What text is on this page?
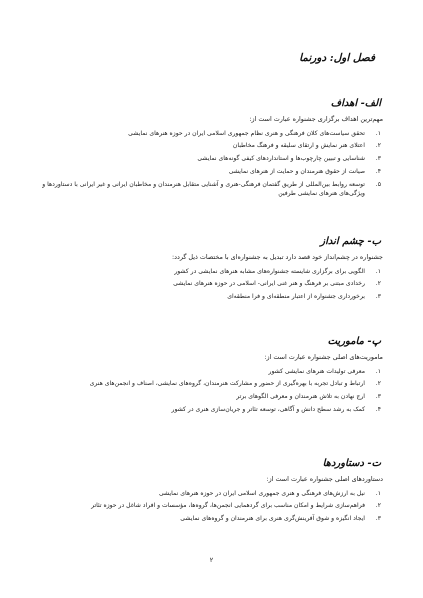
فصل اول: دورنما
الف- اهداف
مهم‌ترین اهداف برگزاری جشنواره عبارت است از:
۱.
تحقق سیاست‌های کلان فرهنگی و هنری نظام جمهوری اسلامی ایران در حوزه هنرهای نمایشی
۲.
اعتلای هنر نمایش و ارتقای سلیقه و فرهنگ مخاطبان
۳.
شناسایی و تبیین چارچوب‌ها و استانداردهای کیفی گونه‌های نمایشی
۴.
صیانت از حقوق هنرمندان و حمایت از هنرهای نمایشی
۵.
توسعه روابط بین‌المللی از طریق گفتمان فرهنگی-هنری و آشنایی متقابل هنرمندان و مخاطبان ایرانی و غیر ایرانی با دستاوردها و ویژگی‌های هنرهای نمایشی طرفین
ب- چشم انداز
جشنواره در چشم‌انداز خود قصد دارد تبدیل به جشنواره‌ای با مختصات ذیل گردد:
۱.
الگویی برای برگزاری شایسته جشنواره‌های مشابه هنرهای نمایشی در کشور
۲.
رخدادی مبتنی بر فرهنگ و هنر غنی ایرانی- اسلامی در حوزه هنرهای نمایشی
۳.
برخورداری جشنواره از اعتبار منطقه‌ای و فرا منطقه‌ای
پ- ماموریت
ماموریت‌های اصلی جشنواره عبارت است از:
۱.
معرفی تولیدات هنرهای نمایشی کشور
۲.
ارتباط و تبادل تجربه با بهره‌گیری از حضور و مشارکت هنرمندان، گروه‌های نمایشی، اصناف و انجمن‌های هنری
۳.
ارج نهادن به تلاش هنرمندان و معرفی الگوهای برتر
۴.
کمک به رشد سطح دانش و آگاهی، توسعه تئاتر و جریان‌سازی هنری در کشور
ت- دستاوردها
دستاوردهای اصلی جشنواره عبارت است از:
۱.
نیل به ارزش‌های فرهنگی و هنری جمهوری اسلامی ایران در حوزه هنرهای نمایشی
۲.
فراهم‌سازی شرایط و امکان مناسب برای گردهمایی انجمن‌ها، گروه‌ها، مؤسسات و افراد شاغل در حوزه تئاتر
۳.
ایجاد انگیزه و شوق آفرینش‌گری هنری برای هنرمندان و گروه‌های نمایشی
۲
